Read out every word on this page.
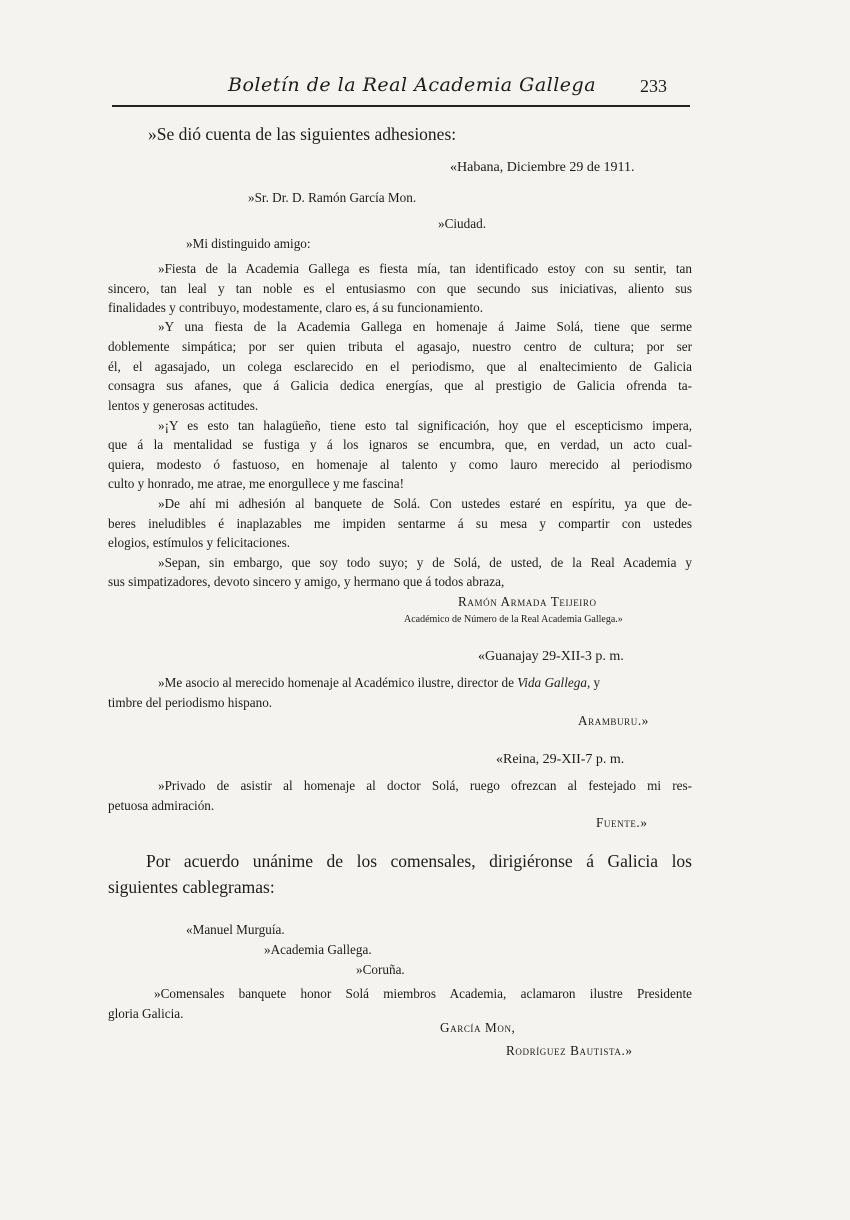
Boletín de la Real Academia Gallega 233
»Se dió cuenta de las siguientes adhesiones:
«Habana, Diciembre 29 de 1911.
»Sr. Dr. D. Ramón García Mon.
»Ciudad.
»Mi distinguido amigo:
»Fiesta de la Academia Gallega es fiesta mía, tan identificado estoy con su sentir, tan
sincero, tan leal y tan noble es el entusiasmo con que secundo sus iniciativas, aliento sus
finalidades y contribuyo, modestamente, claro es, á su funcionamiento.
»Y una fiesta de la Academia Gallega en homenaje á Jaime Solá, tiene que serme
doblemente simpática; por ser quien tributa el agasajo, nuestro centro de cultura; por ser
él, el agasajado, un colega esclarecido en el periodismo, que al enaltecimiento de Galicia
consagra sus afanes, que á Galicia dedica energías, que al prestigio de Galicia ofrenda ta-
lentos y generosas actitudes.
»¡Y es esto tan halagüeño, tiene esto tal significación, hoy que el escepticismo impera,
que á la mentalidad se fustiga y á los ignaros se encumbra, que, en verdad, un acto cual-
quiera, modesto ó fastuoso, en homenaje al talento y como lauro merecido al periodismo
culto y honrado, me atrae, me enorgullece y me fascina!
»De ahí mi adhesión al banquete de Solá. Con ustedes estaré en espíritu, ya que de-
beres ineludibles é inaplazables me impiden sentarme á su mesa y compartir con ustedes
elogios, estímulos y felicitaciones.
»Sepan, sin embargo, que soy todo suyo; y de Solá, de usted, de la Real Academia y
sus simpatizadores, devoto sincero y amigo, y hermano que á todos abraza,
Ramón Armada Teijeiro
Académico de Número de la Real Academia Gallega.»
«Guanajay 29-XII-3 p. m.
»Me asocio al merecido homenaje al Académico ilustre, director de Vida Gallega, y
timbre del periodismo hispano.
Aramburu.»
«Reina, 29-XII-7 p. m.
»Privado de asistir al homenaje al doctor Solá, ruego ofrezcan al festejado mi res-
petuosa admiración.
Fuente.»
Por acuerdo unánime de los comensales, dirigiéronse á Galicia los
siguientes cablegramas:
«Manuel Murguía.
»Academia Gallega.
»Coruña.
»Comensales banquete honor Solá miembros Academia, aclamaron ilustre Presidente
gloria Galicia.
García Mon,
Rodríguez Bautista.»
